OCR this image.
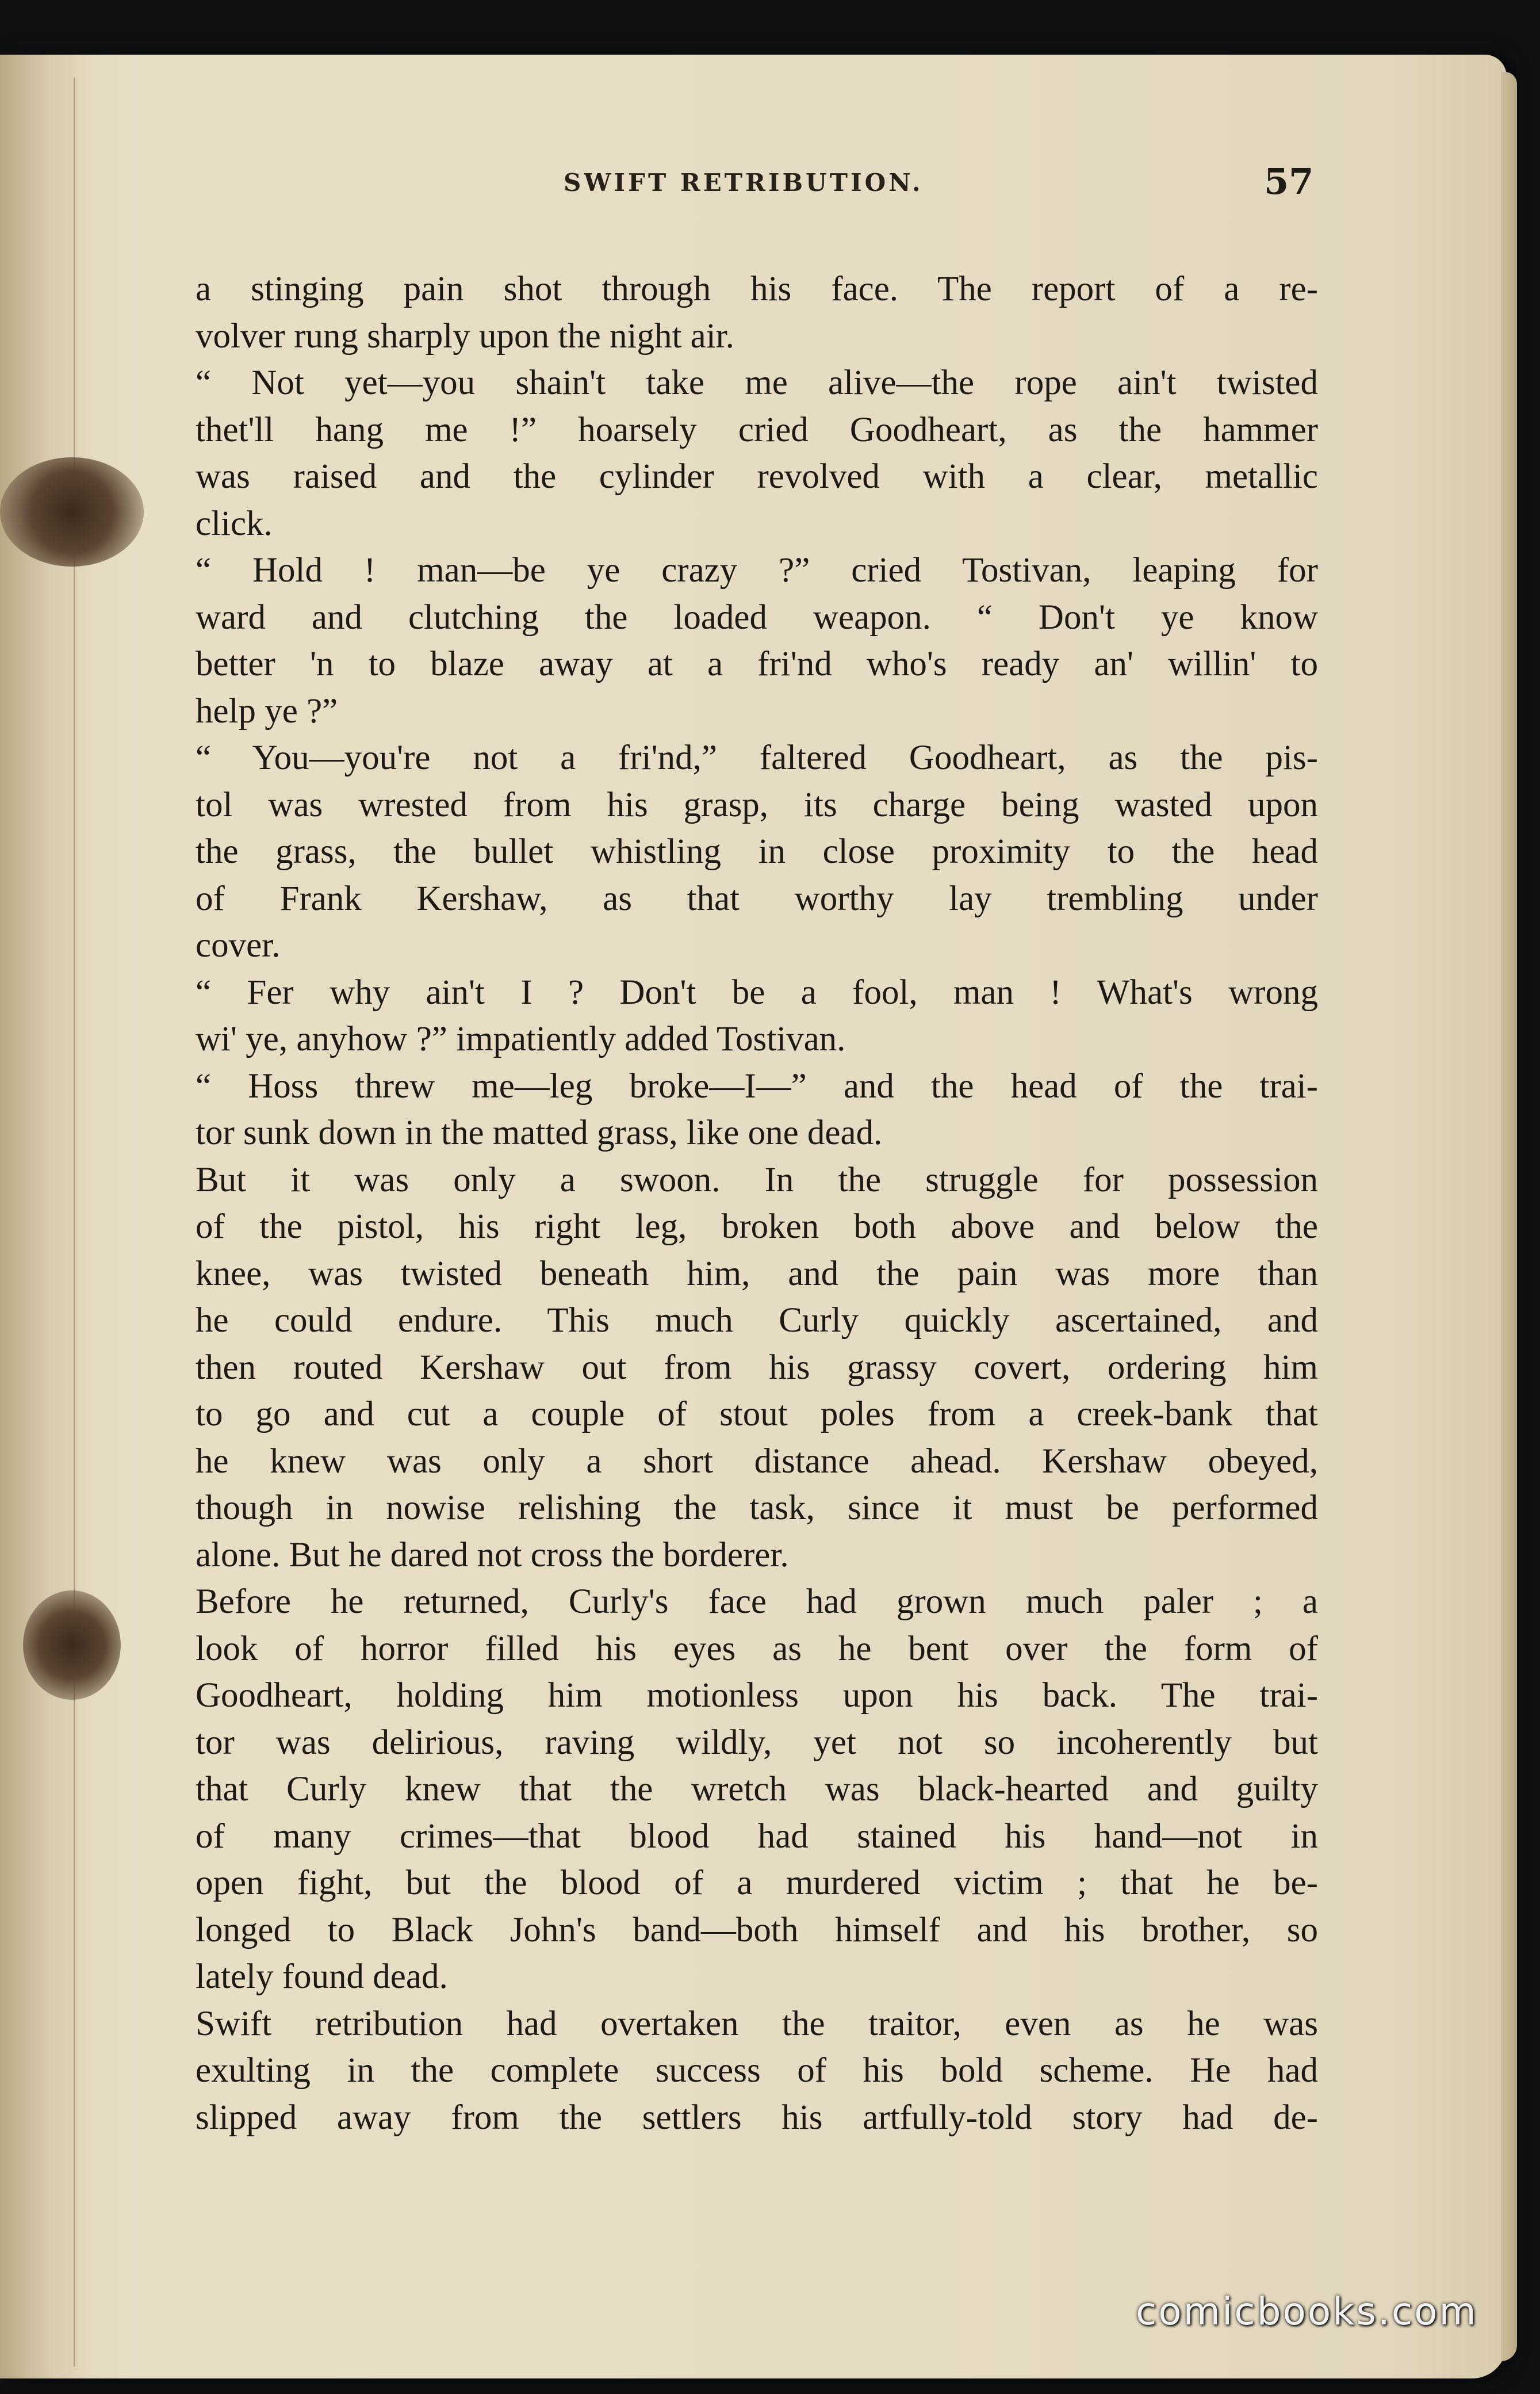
SWIFT RETRIBUTION.	57
a stinging pain shot through his face. The report of a re-
volver rung sharply upon the night air.
“ Not yet—you shain't take me alive—the rope ain't twisted
thet'll hang me !” hoarsely cried Goodheart, as the hammer
was raised and the cylinder revolved with a clear, metallic
click.
“ Hold ! man—be ye crazy ?” cried Tostivan, leaping for
ward and clutching the loaded weapon. “ Don't ye know
better 'n to blaze away at a fri'nd who's ready an' willin' to
help ye ?”
“ You—you're not a fri'nd,” faltered Goodheart, as the pis-
tol was wrested from his grasp, its charge being wasted upon
the grass, the bullet whistling in close proximity to the head
of Frank Kershaw, as that worthy lay trembling under
cover.
“ Fer why ain't I ? Don't be a fool, man ! What's wrong
wi' ye, anyhow ?” impatiently added Tostivan.
“ Hoss threw me—leg broke—I—” and the head of the trai-
tor sunk down in the matted grass, like one dead.
But it was only a swoon. In the struggle for possession
of the pistol, his right leg, broken both above and below the
knee, was twisted beneath him, and the pain was more than
he could endure. This much Curly quickly ascertained, and
then routed Kershaw out from his grassy covert, ordering him
to go and cut a couple of stout poles from a creek-bank that
he knew was only a short distance ahead. Kershaw obeyed,
though in nowise relishing the task, since it must be performed
alone. But he dared not cross the borderer.
Before he returned, Curly's face had grown much paler ; a
look of horror filled his eyes as he bent over the form of
Goodheart, holding him motionless upon his back. The trai-
tor was delirious, raving wildly, yet not so incoherently but
that Curly knew that the wretch was black-hearted and guilty
of many crimes—that blood had stained his hand—not in
open fight, but the blood of a murdered victim ; that he be-
longed to Black John's band—both himself and his brother, so
lately found dead.
Swift retribution had overtaken the traitor, even as he was
exulting in the complete success of his bold scheme. He had
slipped away from the settlers his artfully-told story had de-
comicbooks.com
